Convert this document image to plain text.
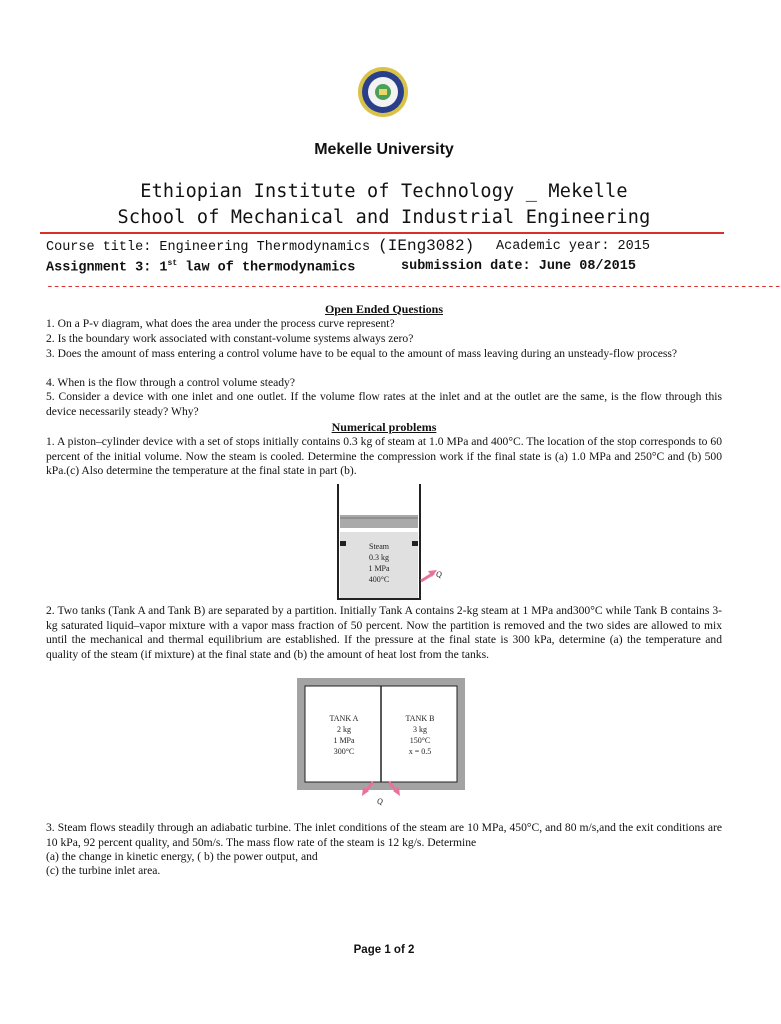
Mekelle University
Ethiopian Institute of Technology _ Mekelle
School of Mechanical and Industrial Engineering
Course title: Engineering Thermodynamics (IEng3082) Academic year: 2015
Assignment 3: 1st law of thermodynamics	submission date: June 08/2015
------------------------------------------------------------------------------------------------------------
Open Ended Questions
1. On a P-v diagram, what does the area under the process curve represent?
2. Is the boundary work associated with constant-volume systems always zero?
3. Does the amount of mass entering a control volume have to be equal to the amount of mass leaving during an unsteady-flow process?
4. When is the flow through a control volume steady?
5. Consider a device with one inlet and one outlet. If the volume flow rates at the inlet and at the outlet are the same, is the flow through this device necessarily steady? Why?
Numerical problems
1. A piston–cylinder device with a set of stops initially contains 0.3 kg of steam at 1.0 MPa and 400°C. The location of the stop corresponds to 60 percent of the initial volume. Now the steam is cooled. Determine the compression work if the final state is (a) 1.0 MPa and 250°C and (b) 500 kPa.(c) Also determine the temperature at the final state in part (b).
Steam
0.3 kg
1 MPa
400°C
Q
2. Two tanks (Tank A and Tank B) are separated by a partition. Initially Tank A contains 2-kg steam at 1 MPa and300°C while Tank B contains 3-kg saturated liquid–vapor mixture with a vapor mass fraction of 50 percent. Now the partition is removed and the two sides are allowed to mix until the mechanical and thermal equilibrium are established. If the pressure at the final state is 300 kPa, determine (a) the temperature and quality of the steam (if mixture) at the final state and (b) the amount of heat lost from the tanks.
TANK A
2 kg
1 MPa
300°C
TANK B
3 kg
150°C
x = 0.5
Q
3. Steam flows steadily through an adiabatic turbine. The inlet conditions of the steam are 10 MPa, 450°C, and 80 m/s,and the exit conditions are 10 kPa, 92 percent quality, and 50m/s. The mass flow rate of the steam is 12 kg/s. Determine
(a) the change in kinetic energy, ( b) the power output, and
(c) the turbine inlet area.
Page 1 of 2
